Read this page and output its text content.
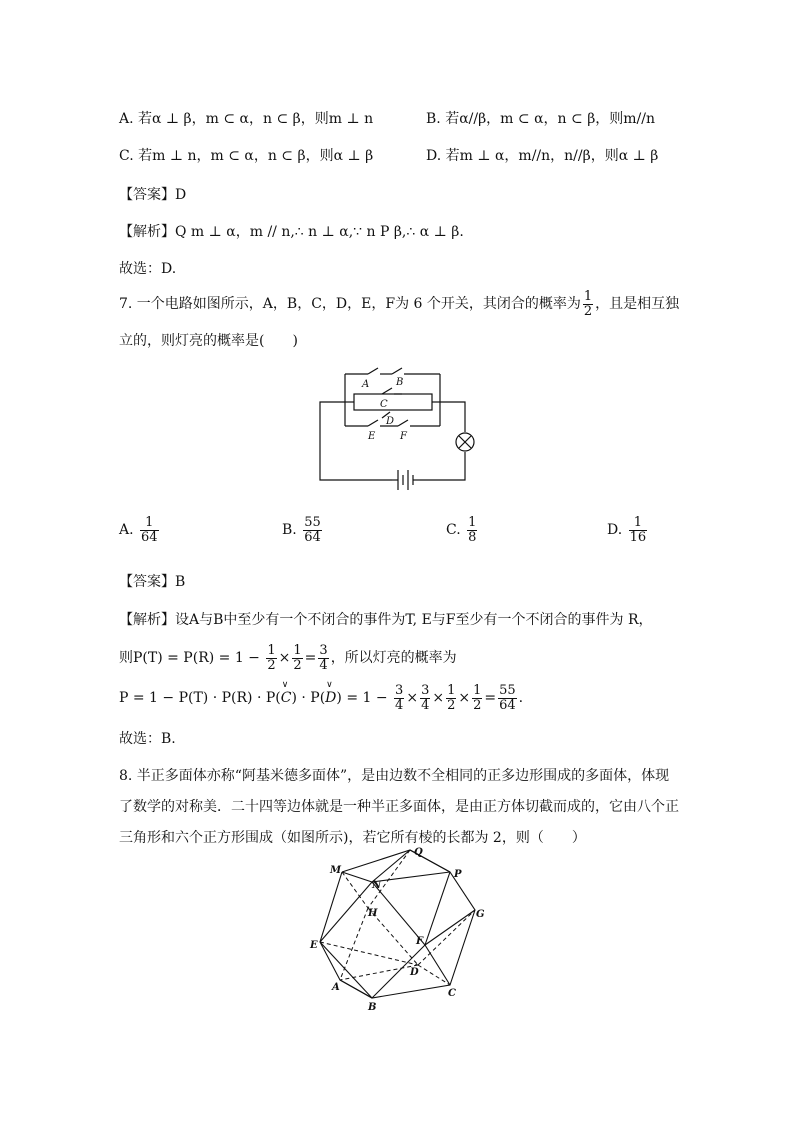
A. 若α ⊥ β，m ⊂ α，n ⊂ β，则m ⊥ n	B. 若α//β，m ⊂ α，n ⊂ β，则m//n
C. 若m ⊥ n，m ⊂ α，n ⊂ β，则α ⊥ β	D. 若m ⊥ α，m//n，n//β，则α ⊥ β
【答案】D
【解析】Q m ⊥ α，m // n,∴ n ⊥ α,∵ n P β,∴ α ⊥ β.
故选：D.
7. 一个电路如图所示，A，B，C，D，E，F为 6 个开关，其闭合的概率为 $\frac{1}{2}$ ，且是相互独
立的，则灯亮的概率是(　　)
A	B
C
D
E F
A. $\frac{1}{64}$	B. $\frac{55}{64}$	C. $\frac{1}{8}$	D. $\frac{1}{16}$
【答案】B
【解析】设A与B中至少有一个不闭合的事件为T, E与F至少有一个不闭合的事件为 R，
则$P(T) = P(R) = 1 - \frac{1}{2} \times \frac{1}{2} = \frac{3}{4}$ ，所以灯亮的概率为
P = 1 − P(T) · P(R) · P(∨ C) · P(∨ $D) = 1 - \frac{3}{4} \times \frac{3}{4} \times \frac{1}{2} \times \frac{1}{2} = \frac{55}{64}$ .
故选：B.
8. 半正多面体亦称“阿基米德多面体”，是由边数不全相同的正多边形围成的多面体，体现
了数学的对称美．二十四等边体就是一种半正多面体，是由正方体切截而成的，它由八个正
三角形和六个正方形围成（如图所示)，若它所有棱的长都为 2，则（　　）
M
Q
P
N
H	G
E	F
D
A
B
C
